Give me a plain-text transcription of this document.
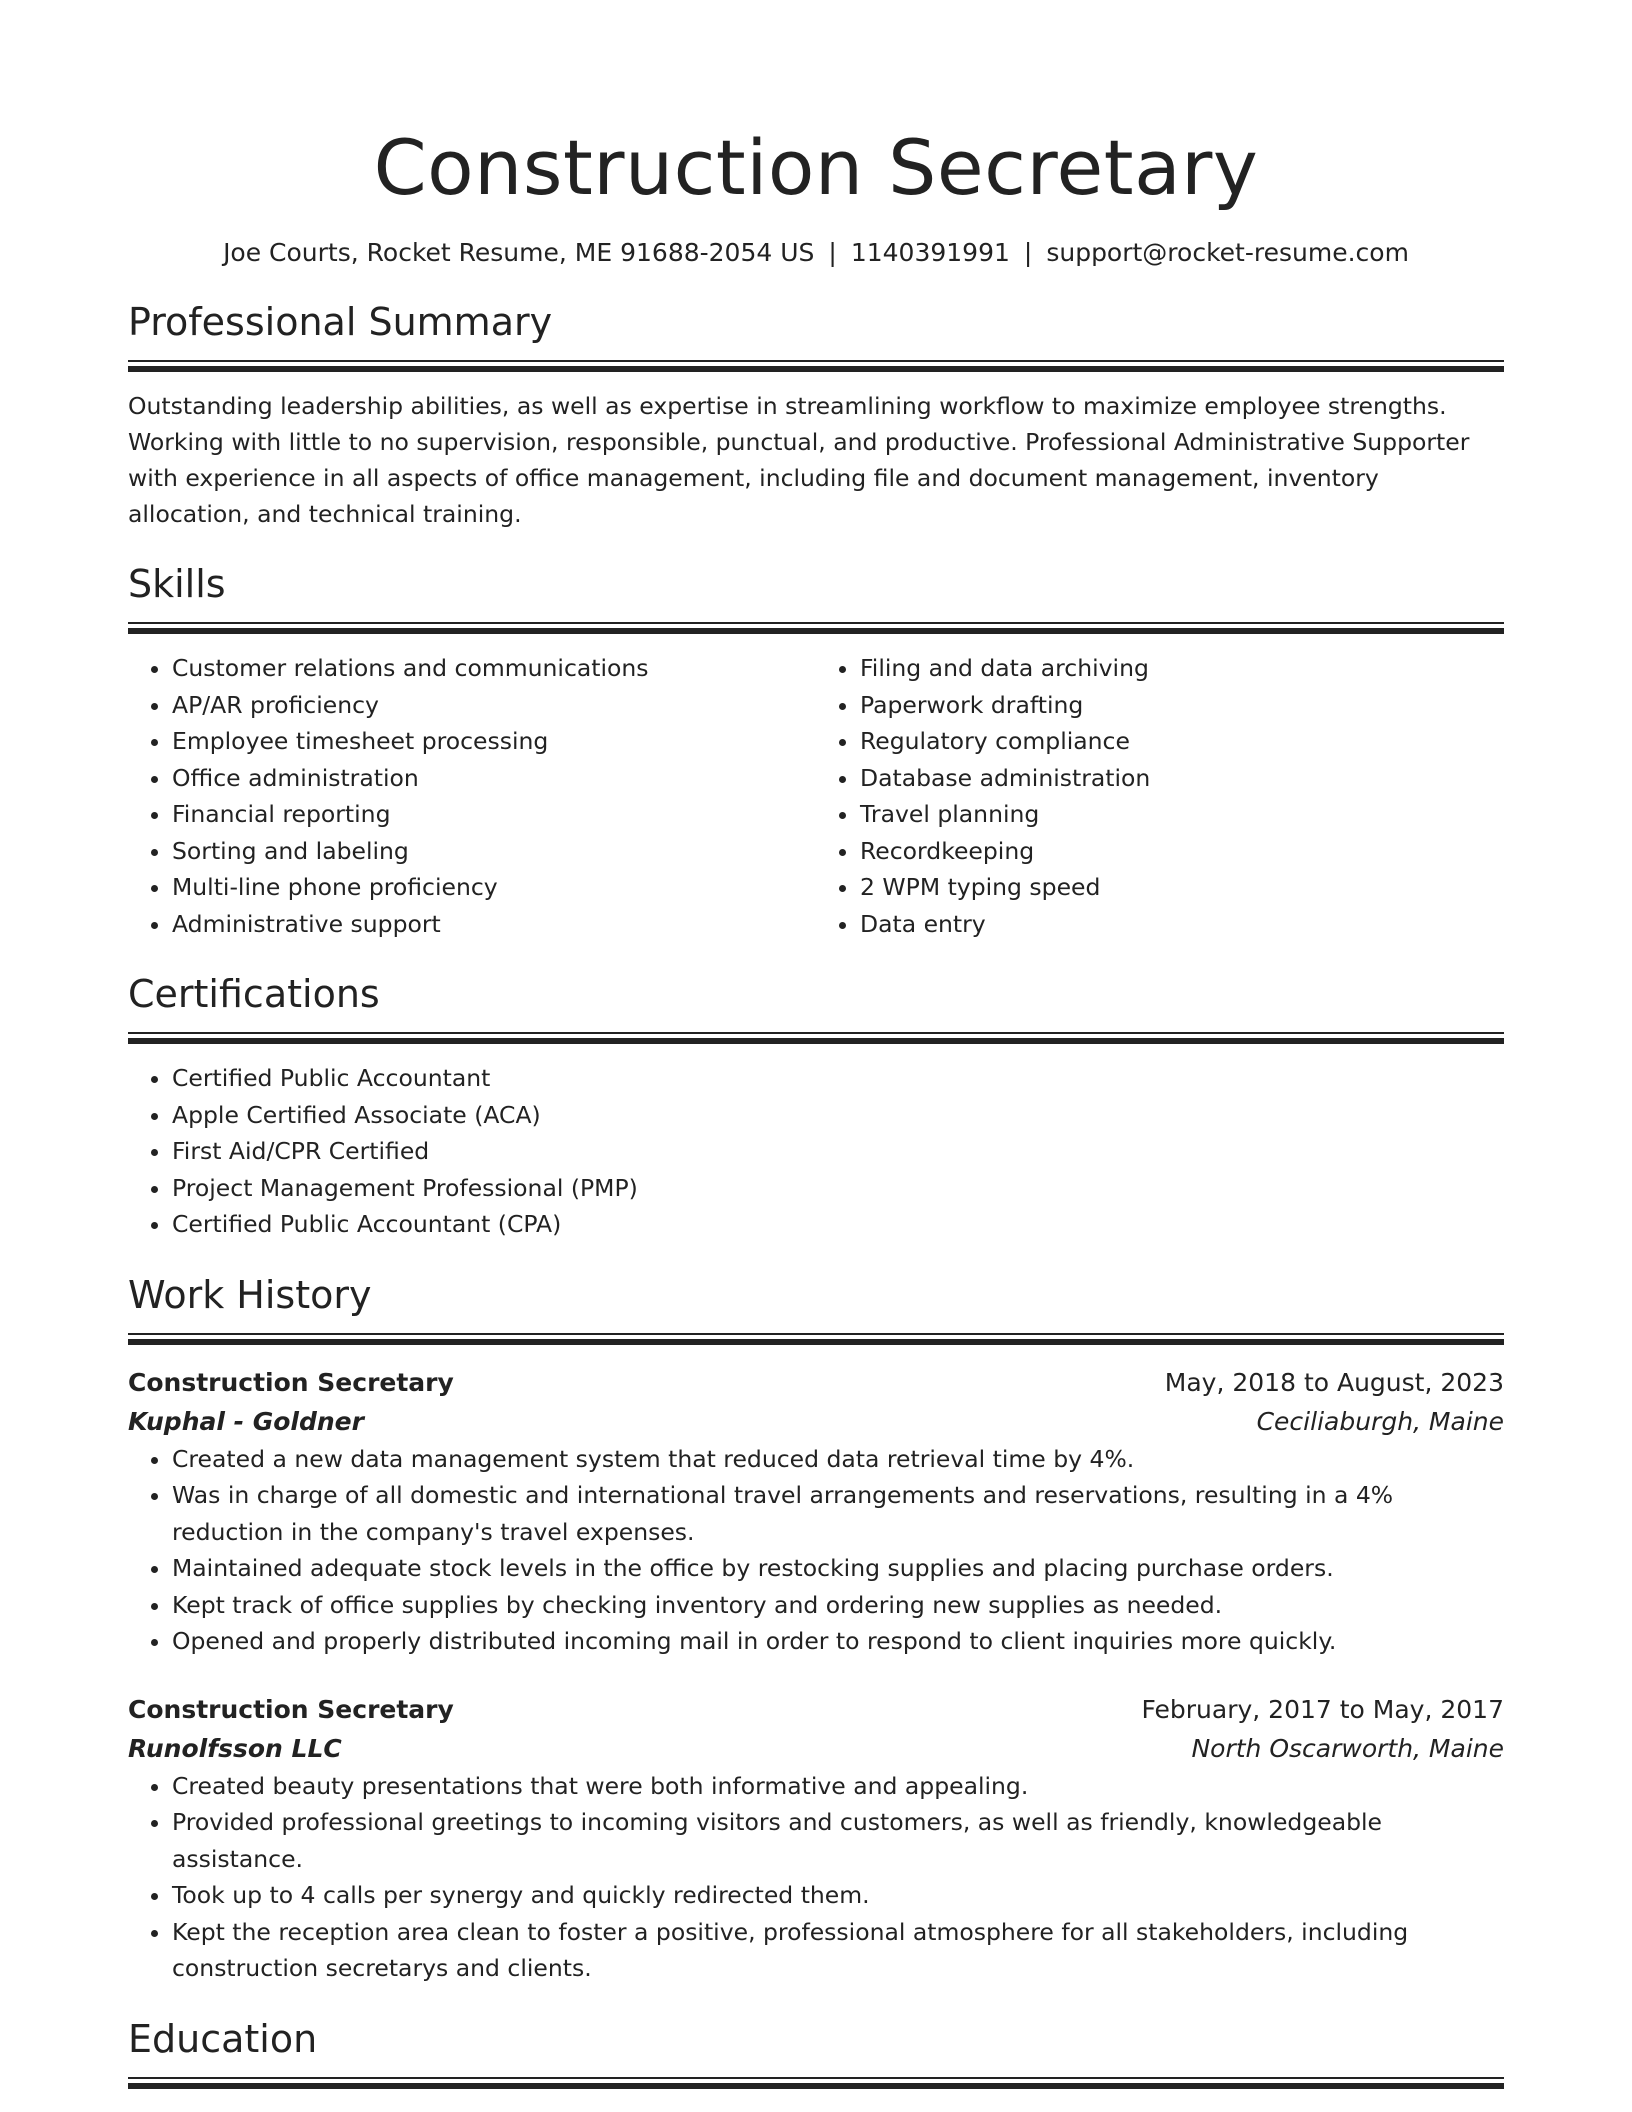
Construction Secretary
Joe Courts, Rocket Resume, ME 91688-2054 US | 1140391991 | support@rocket-resume.com
Professional Summary
Outstanding leadership abilities, as well as expertise in streamlining workflow to maximize employee strengths. Working with little to no supervision, responsible, punctual, and productive. Professional Administrative Supporter with experience in all aspects of office management, including file and document management, inventory allocation, and technical training.
Skills
• Customer relations and communications
• AP/AR proficiency
• Employee timesheet processing
• Office administration
• Financial reporting
• Sorting and labeling
• Multi-line phone proficiency
• Administrative support
• Filing and data archiving
• Paperwork drafting
• Regulatory compliance
• Database administration
• Travel planning
• Recordkeeping
• 2 WPM typing speed
• Data entry
Certifications
• Certified Public Accountant
• Apple Certified Associate (ACA)
• First Aid/CPR Certified
• Project Management Professional (PMP)
• Certified Public Accountant (CPA)
Work History
Construction Secretary	May, 2018 to August, 2023
Kuphal - Goldner	Ceciliaburgh, Maine
• Created a new data management system that reduced data retrieval time by 4%.
• Was in charge of all domestic and international travel arrangements and reservations, resulting in a 4% reduction in the company's travel expenses.
• Maintained adequate stock levels in the office by restocking supplies and placing purchase orders.
• Kept track of office supplies by checking inventory and ordering new supplies as needed.
• Opened and properly distributed incoming mail in order to respond to client inquiries more quickly.
Construction Secretary	February, 2017 to May, 2017
Runolfsson LLC	North Oscarworth, Maine
• Created beauty presentations that were both informative and appealing.
• Provided professional greetings to incoming visitors and customers, as well as friendly, knowledgeable assistance.
• Took up to 4 calls per synergy and quickly redirected them.
• Kept the reception area clean to foster a positive, professional atmosphere for all stakeholders, including construction secretarys and clients.
Education
